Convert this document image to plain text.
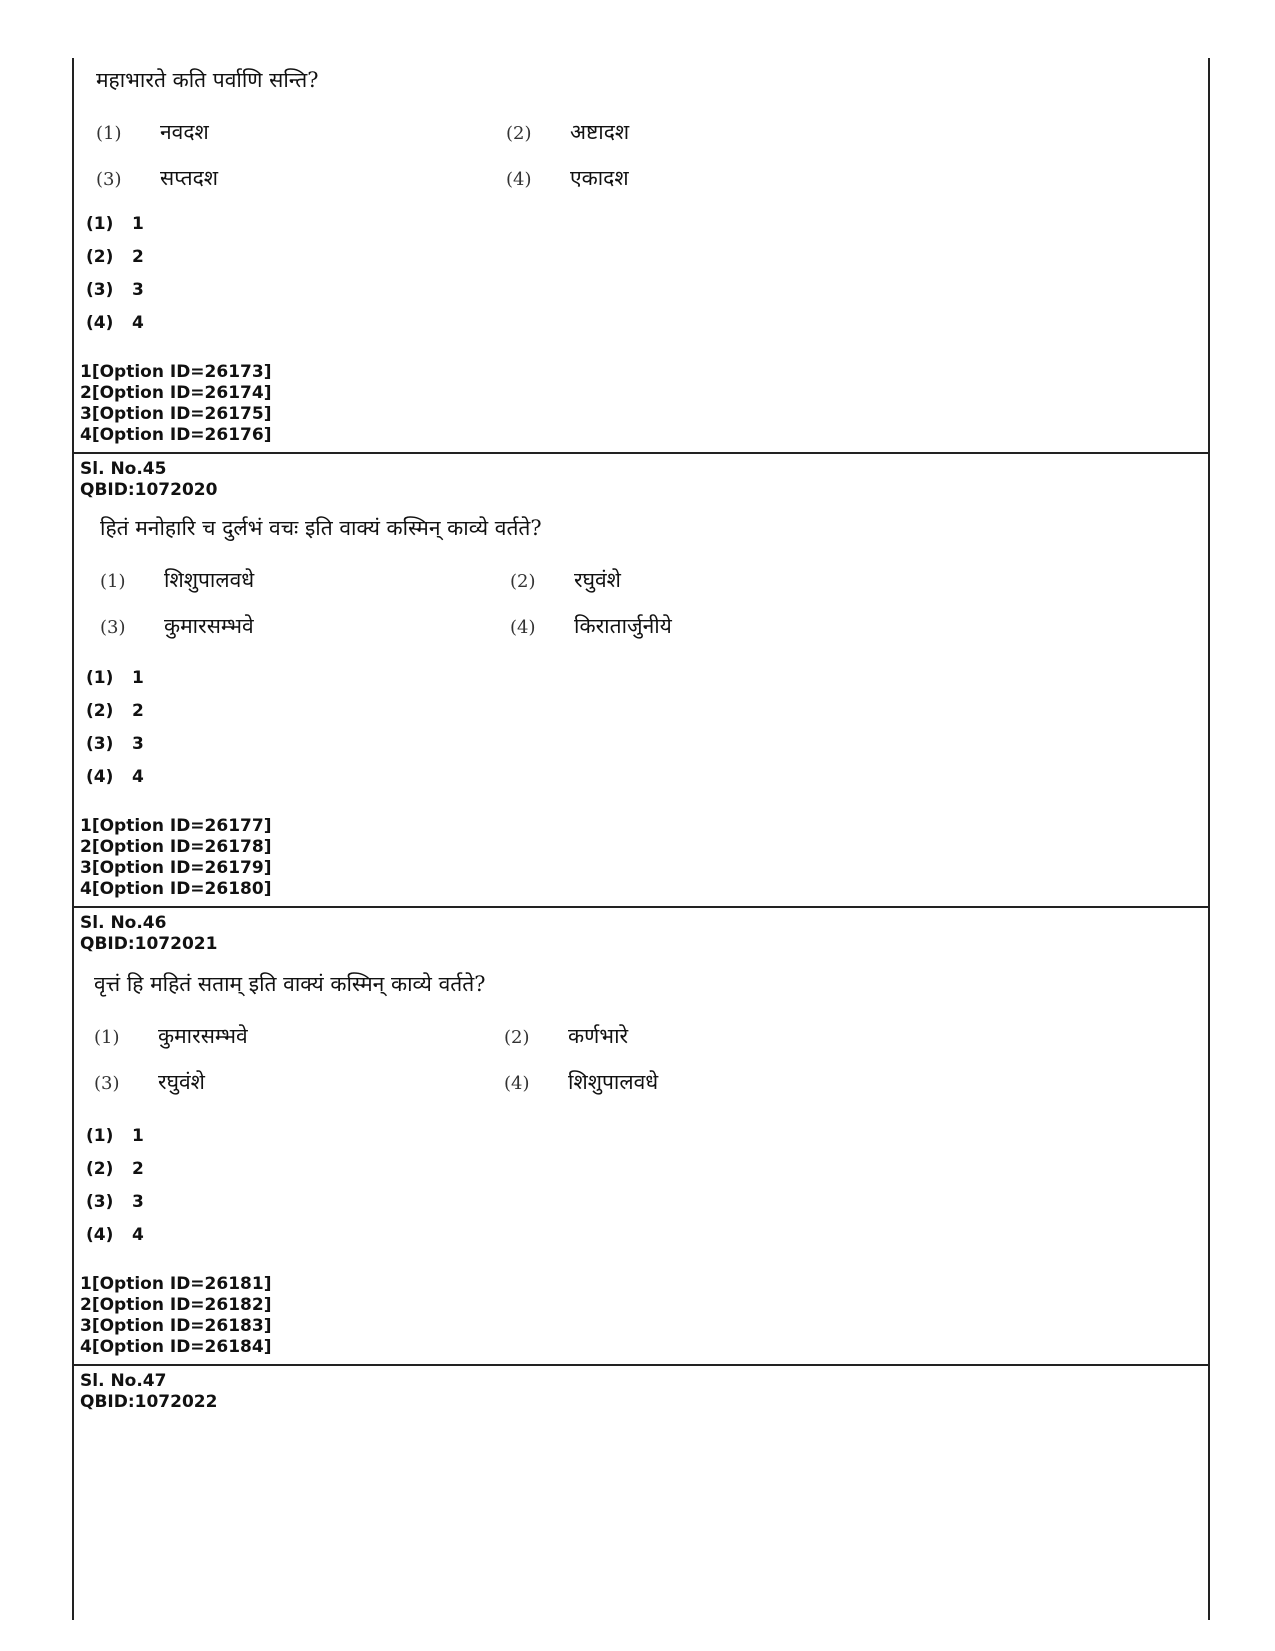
महाभारते कति पर्वाणि सन्ति?
(1) नवदश	(2) अष्टादश
(3) सप्तदश	(4) एकादश
(1) 1
(2) 2
(3) 3
(4) 4
1[Option ID=26173]
2[Option ID=26174]
3[Option ID=26175]
4[Option ID=26176]
Sl. No.45
QBID:1072020
हितं मनोहारि च दुर्लभं वचः इति वाक्यं कस्मिन् काव्ये वर्तते?
(1) शिशुपालवधे	(2) रघुवंशे
(3) कुमारसम्भवे	(4) किरातार्जुनीये
(1) 1
(2) 2
(3) 3
(4) 4
1[Option ID=26177]
2[Option ID=26178]
3[Option ID=26179]
4[Option ID=26180]
Sl. No.46
QBID:1072021
वृत्तं हि महितं सताम् इति वाक्यं कस्मिन् काव्ये वर्तते?
(1) कुमारसम्भवे	(2) कर्णभारे
(3) रघुवंशे	(4) शिशुपालवधे
(1) 1
(2) 2
(3) 3
(4) 4
1[Option ID=26181]
2[Option ID=26182]
3[Option ID=26183]
4[Option ID=26184]
Sl. No.47
QBID:1072022
